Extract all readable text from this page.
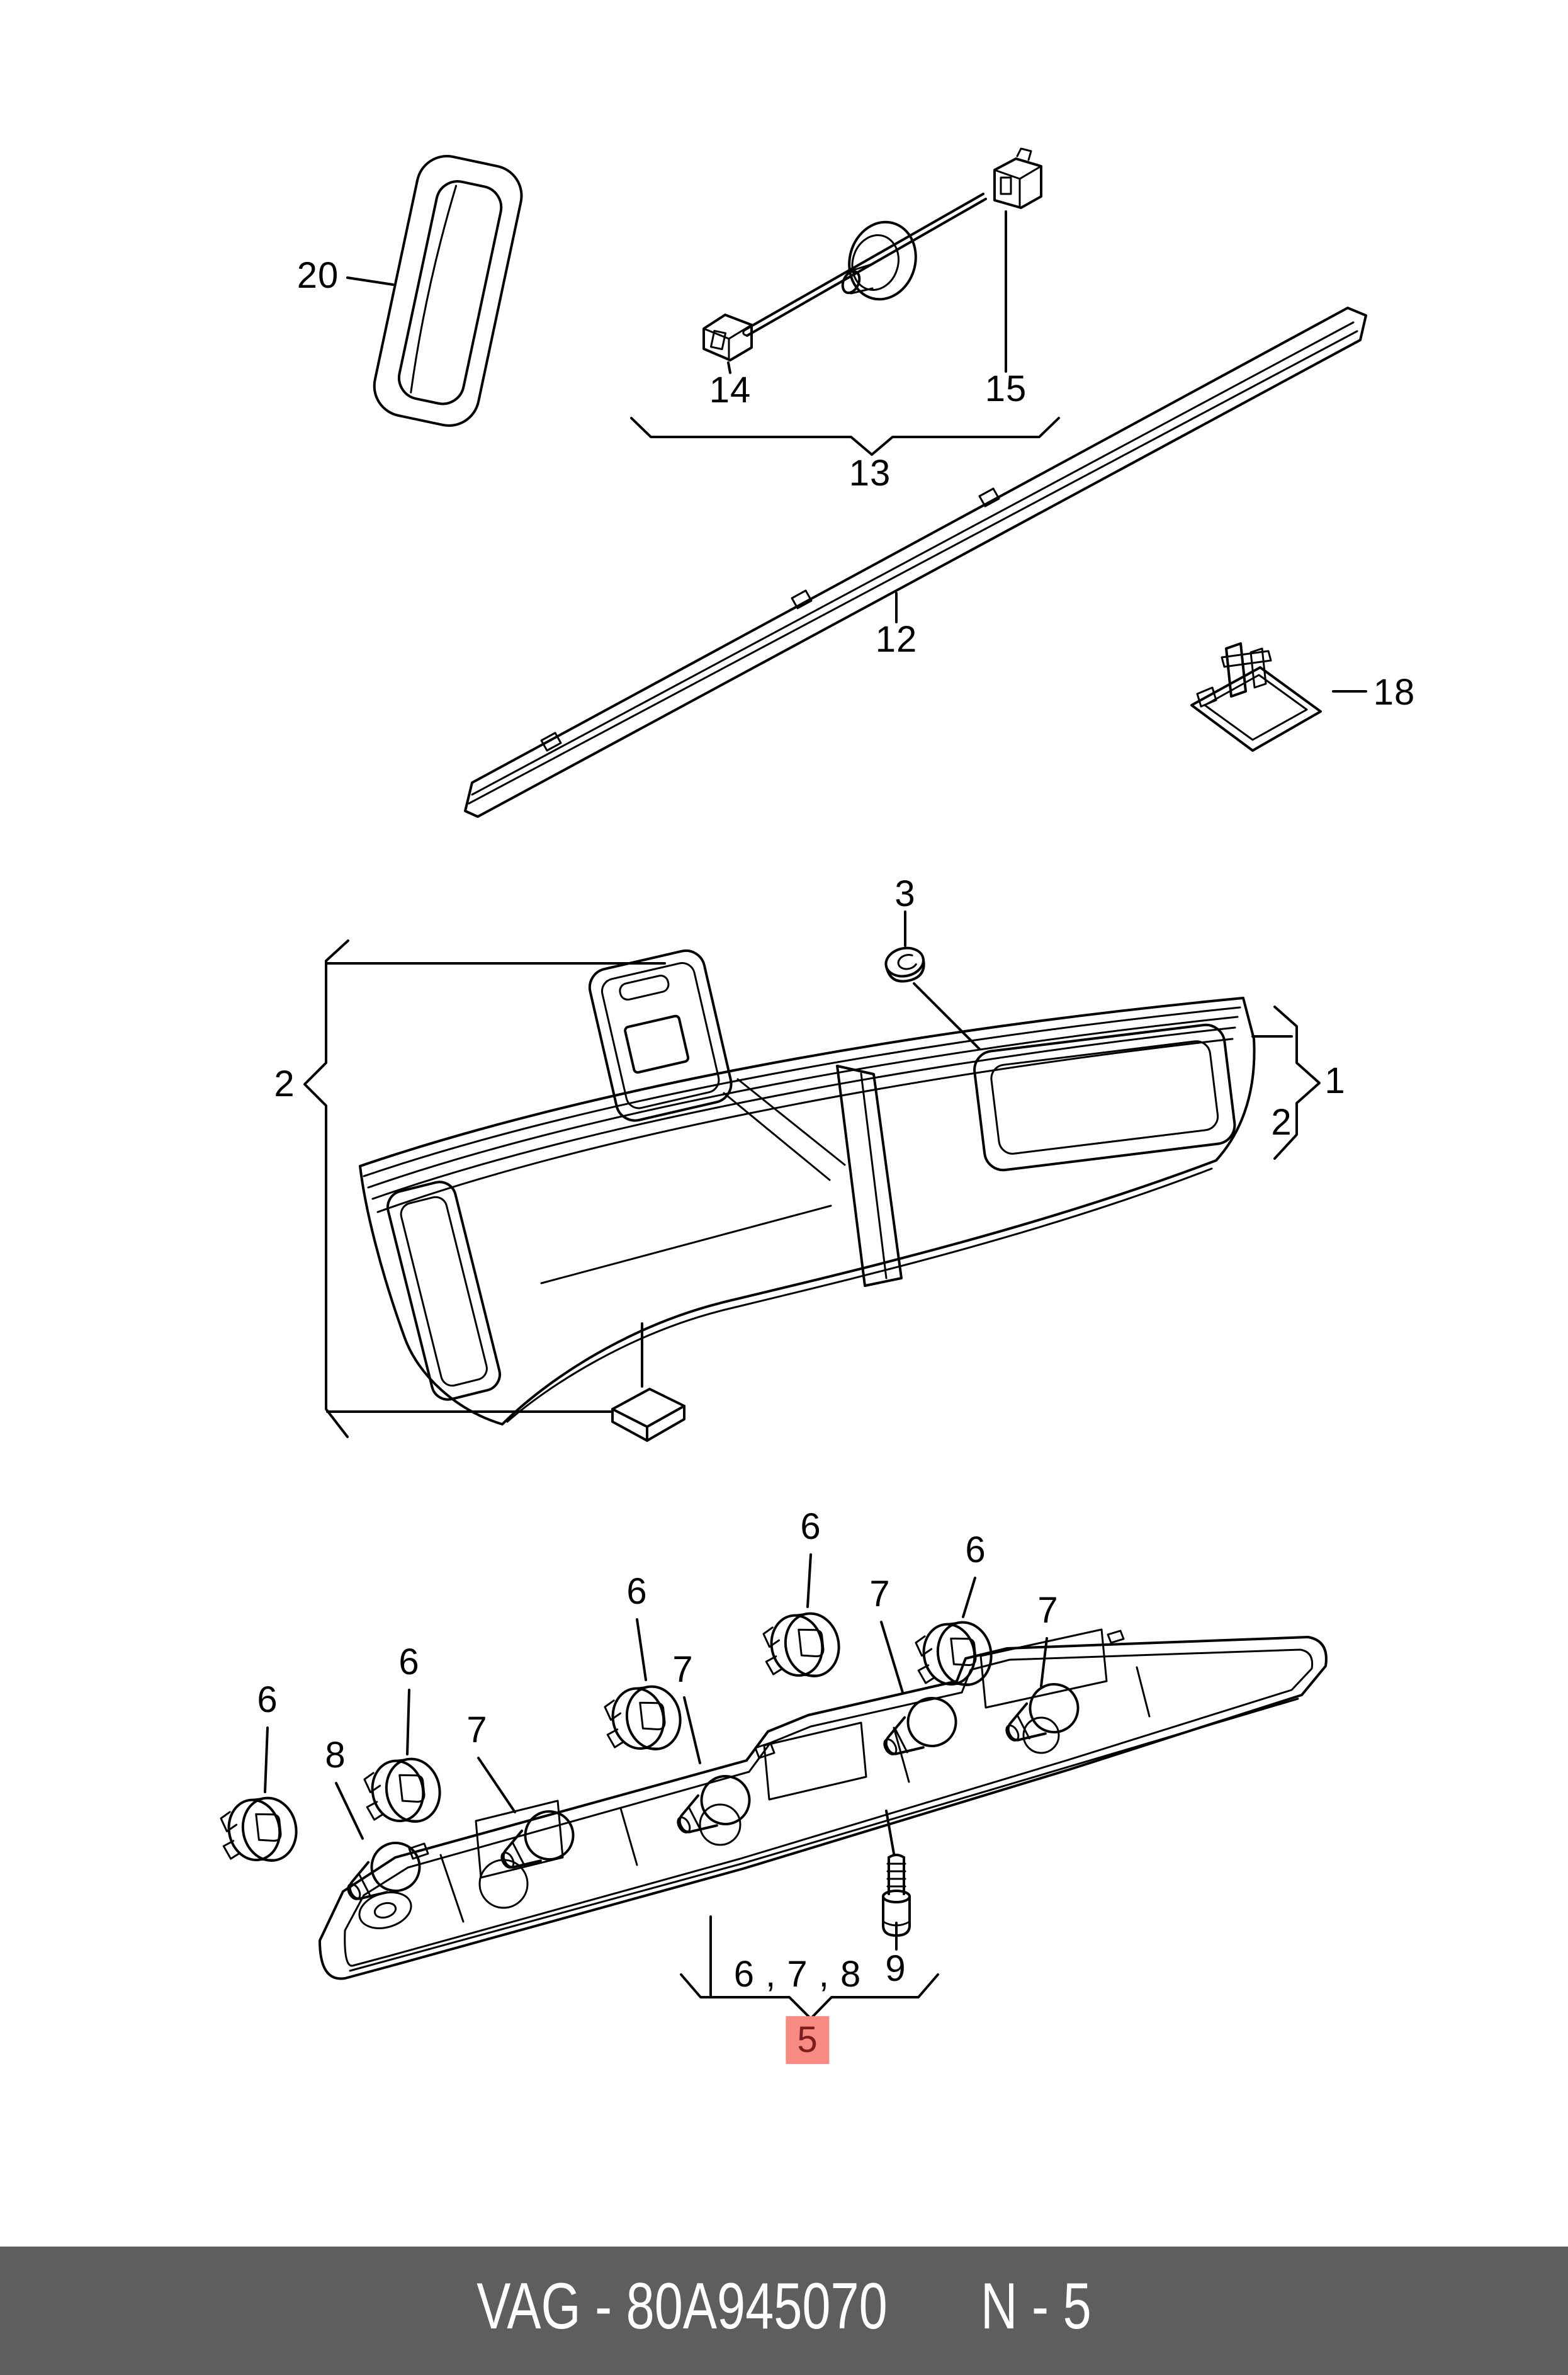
20
14	15
13
12
18
3
2	1
2
6
8
6
7
6
7
6
7
6
7
9
6 , 7 , 8
5
VAG - 80A945070 N - 5
